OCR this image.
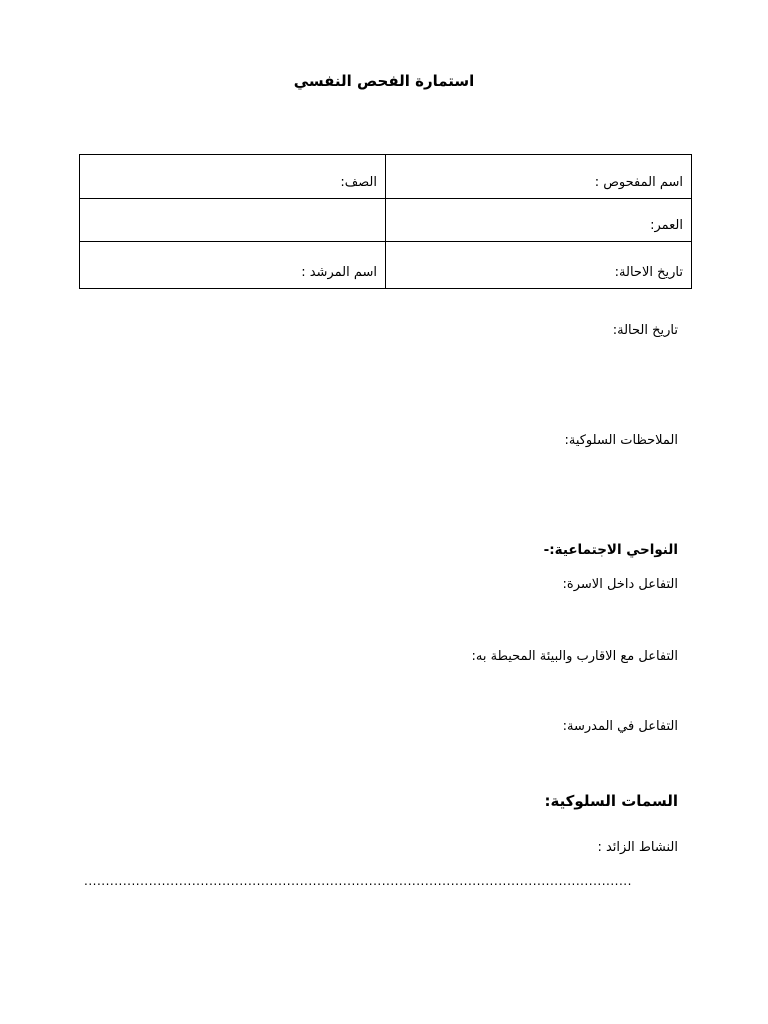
استمارة الفحص النفسي
اسم المفحوص :	الصف:
العمر:	
تاريخ الاحالة:	اسم المرشد :
تاريخ الحالة:
الملاحظات السلوكية:
النواحي الاجتماعية:-
التفاعل داخل الاسرة:
التفاعل مع الاقارب والبيئة المحيطة به:
التفاعل في المدرسة:
السمات السلوكية:
النشاط الزائد :
...............................................................................................................................
